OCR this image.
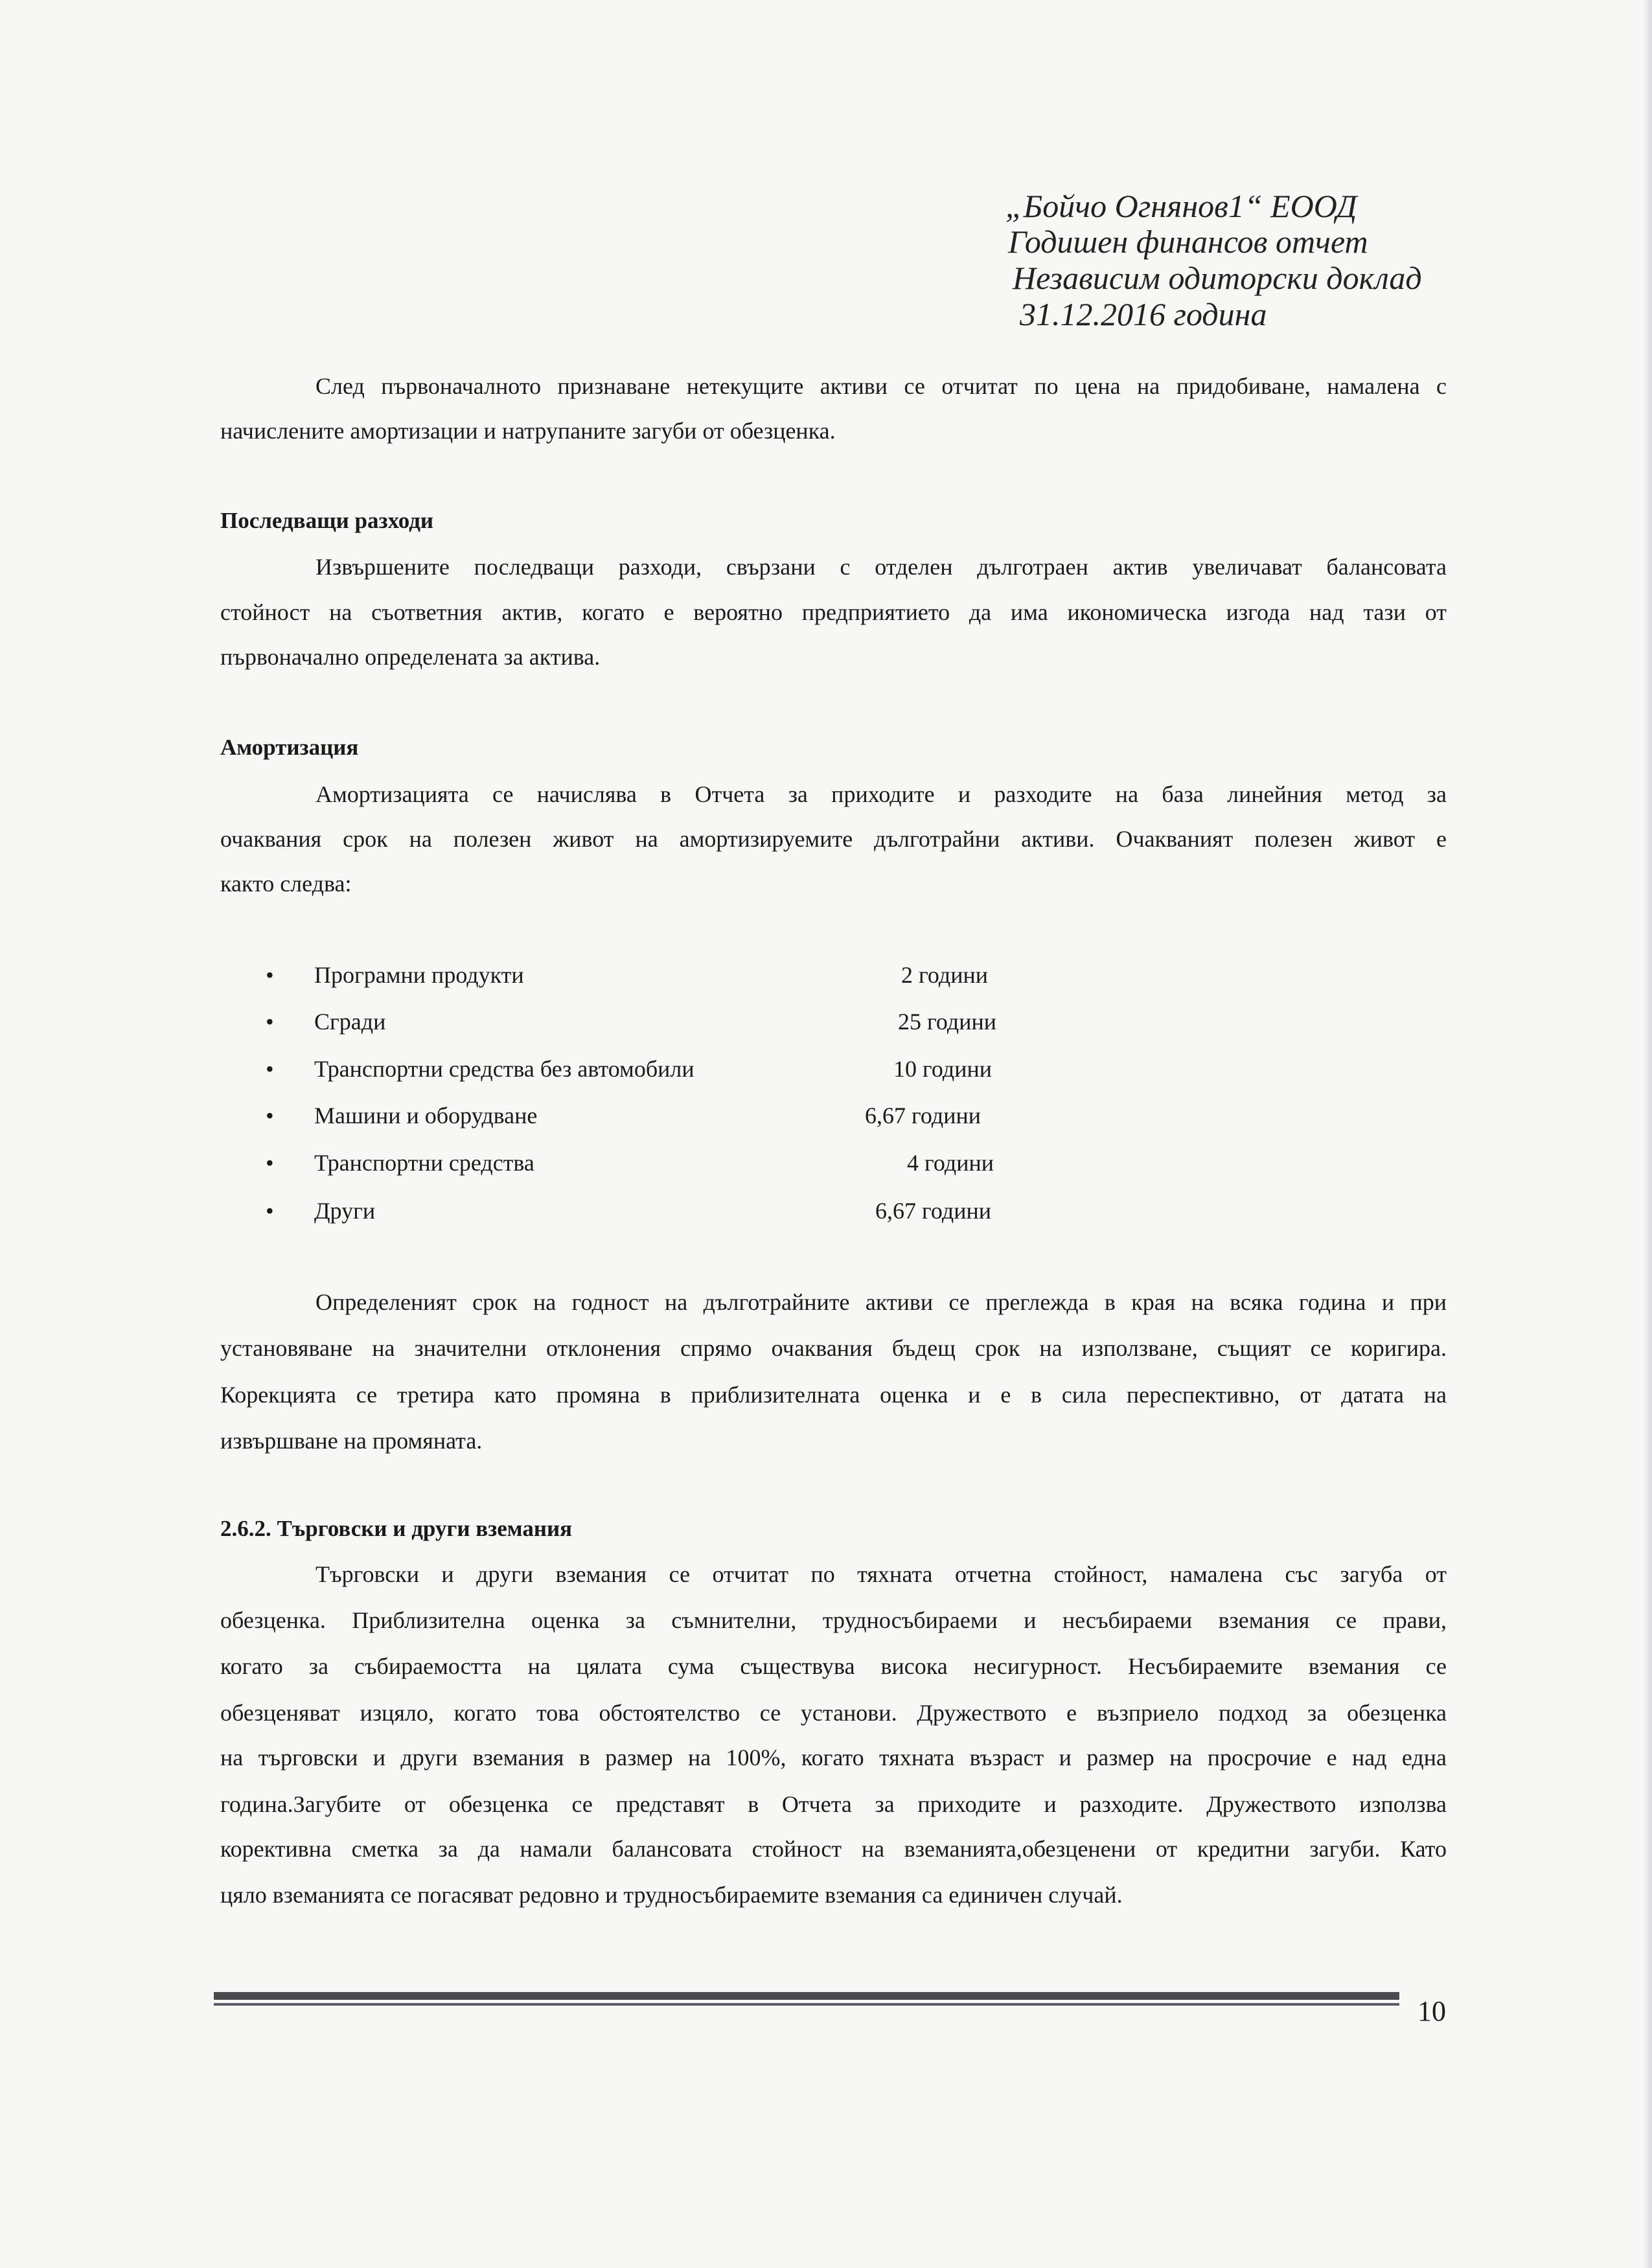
„Бойчо Огнянов1“ ЕООД
Годишен финансов отчет
Независим одиторски доклад
31.12.2016 година
След първоначалното признаване нетекущите активи се отчитат по цена на придобиване, намалена с
начислените амортизации и натрупаните загуби от обезценка.
Последващи разходи
Извършените последващи разходи, свързани с отделен дълготраен актив увеличават балансовата
стойност на съответния актив, когато е вероятно предприятието да има икономическа изгода над тази от
първоначално определената за актива.
Амортизация
Амортизацията се начислява в Отчета за приходите и разходите на база линейния метод за
очаквания срок на полезен живот на амортизируемите дълготрайни активи. Очакваният полезен живот е
както следва:
• Програмни продукти	2 години
• Сгради	25 години
• Транспортни средства без автомобили	10 години
• Машини и оборудване	6,67 години
• Транспортни средства	4 години
• Други	6,67 години
Определеният срок на годност на дълготрайните активи се преглежда в края на всяка година и при
установяване на значителни отклонения спрямо очаквания бъдещ срок на използване, същият се коригира.
Корекцията се третира като промяна в приблизителната оценка и е в сила переспективно, от датата на
извършване на промяната.
2.6.2. Търговски и други вземания
Търговски и други вземания се отчитат по тяхната отчетна стойност, намалена със загуба от
обезценка. Приблизителна оценка за съмнителни, трудносъбираеми и несъбираеми вземания се прави,
когато за събираемостта на цялата сума съществува висока несигурност. Несъбираемите вземания се
обезценяват изцяло, когато това обстоятелство се установи. Дружеството е възприело подход за обезценка
на търговски и други вземания в размер на 100%, когато тяхната възраст и размер на просрочие е над една
година.Загубите от обезценка се представят в Отчета за приходите и разходите. Дружеството използва
корективна сметка за да намали балансовата стойност на вземанията,обезценени от кредитни загуби. Като
цяло вземанията се погасяват редовно и трудносъбираемите вземания са единичен случай.
10
